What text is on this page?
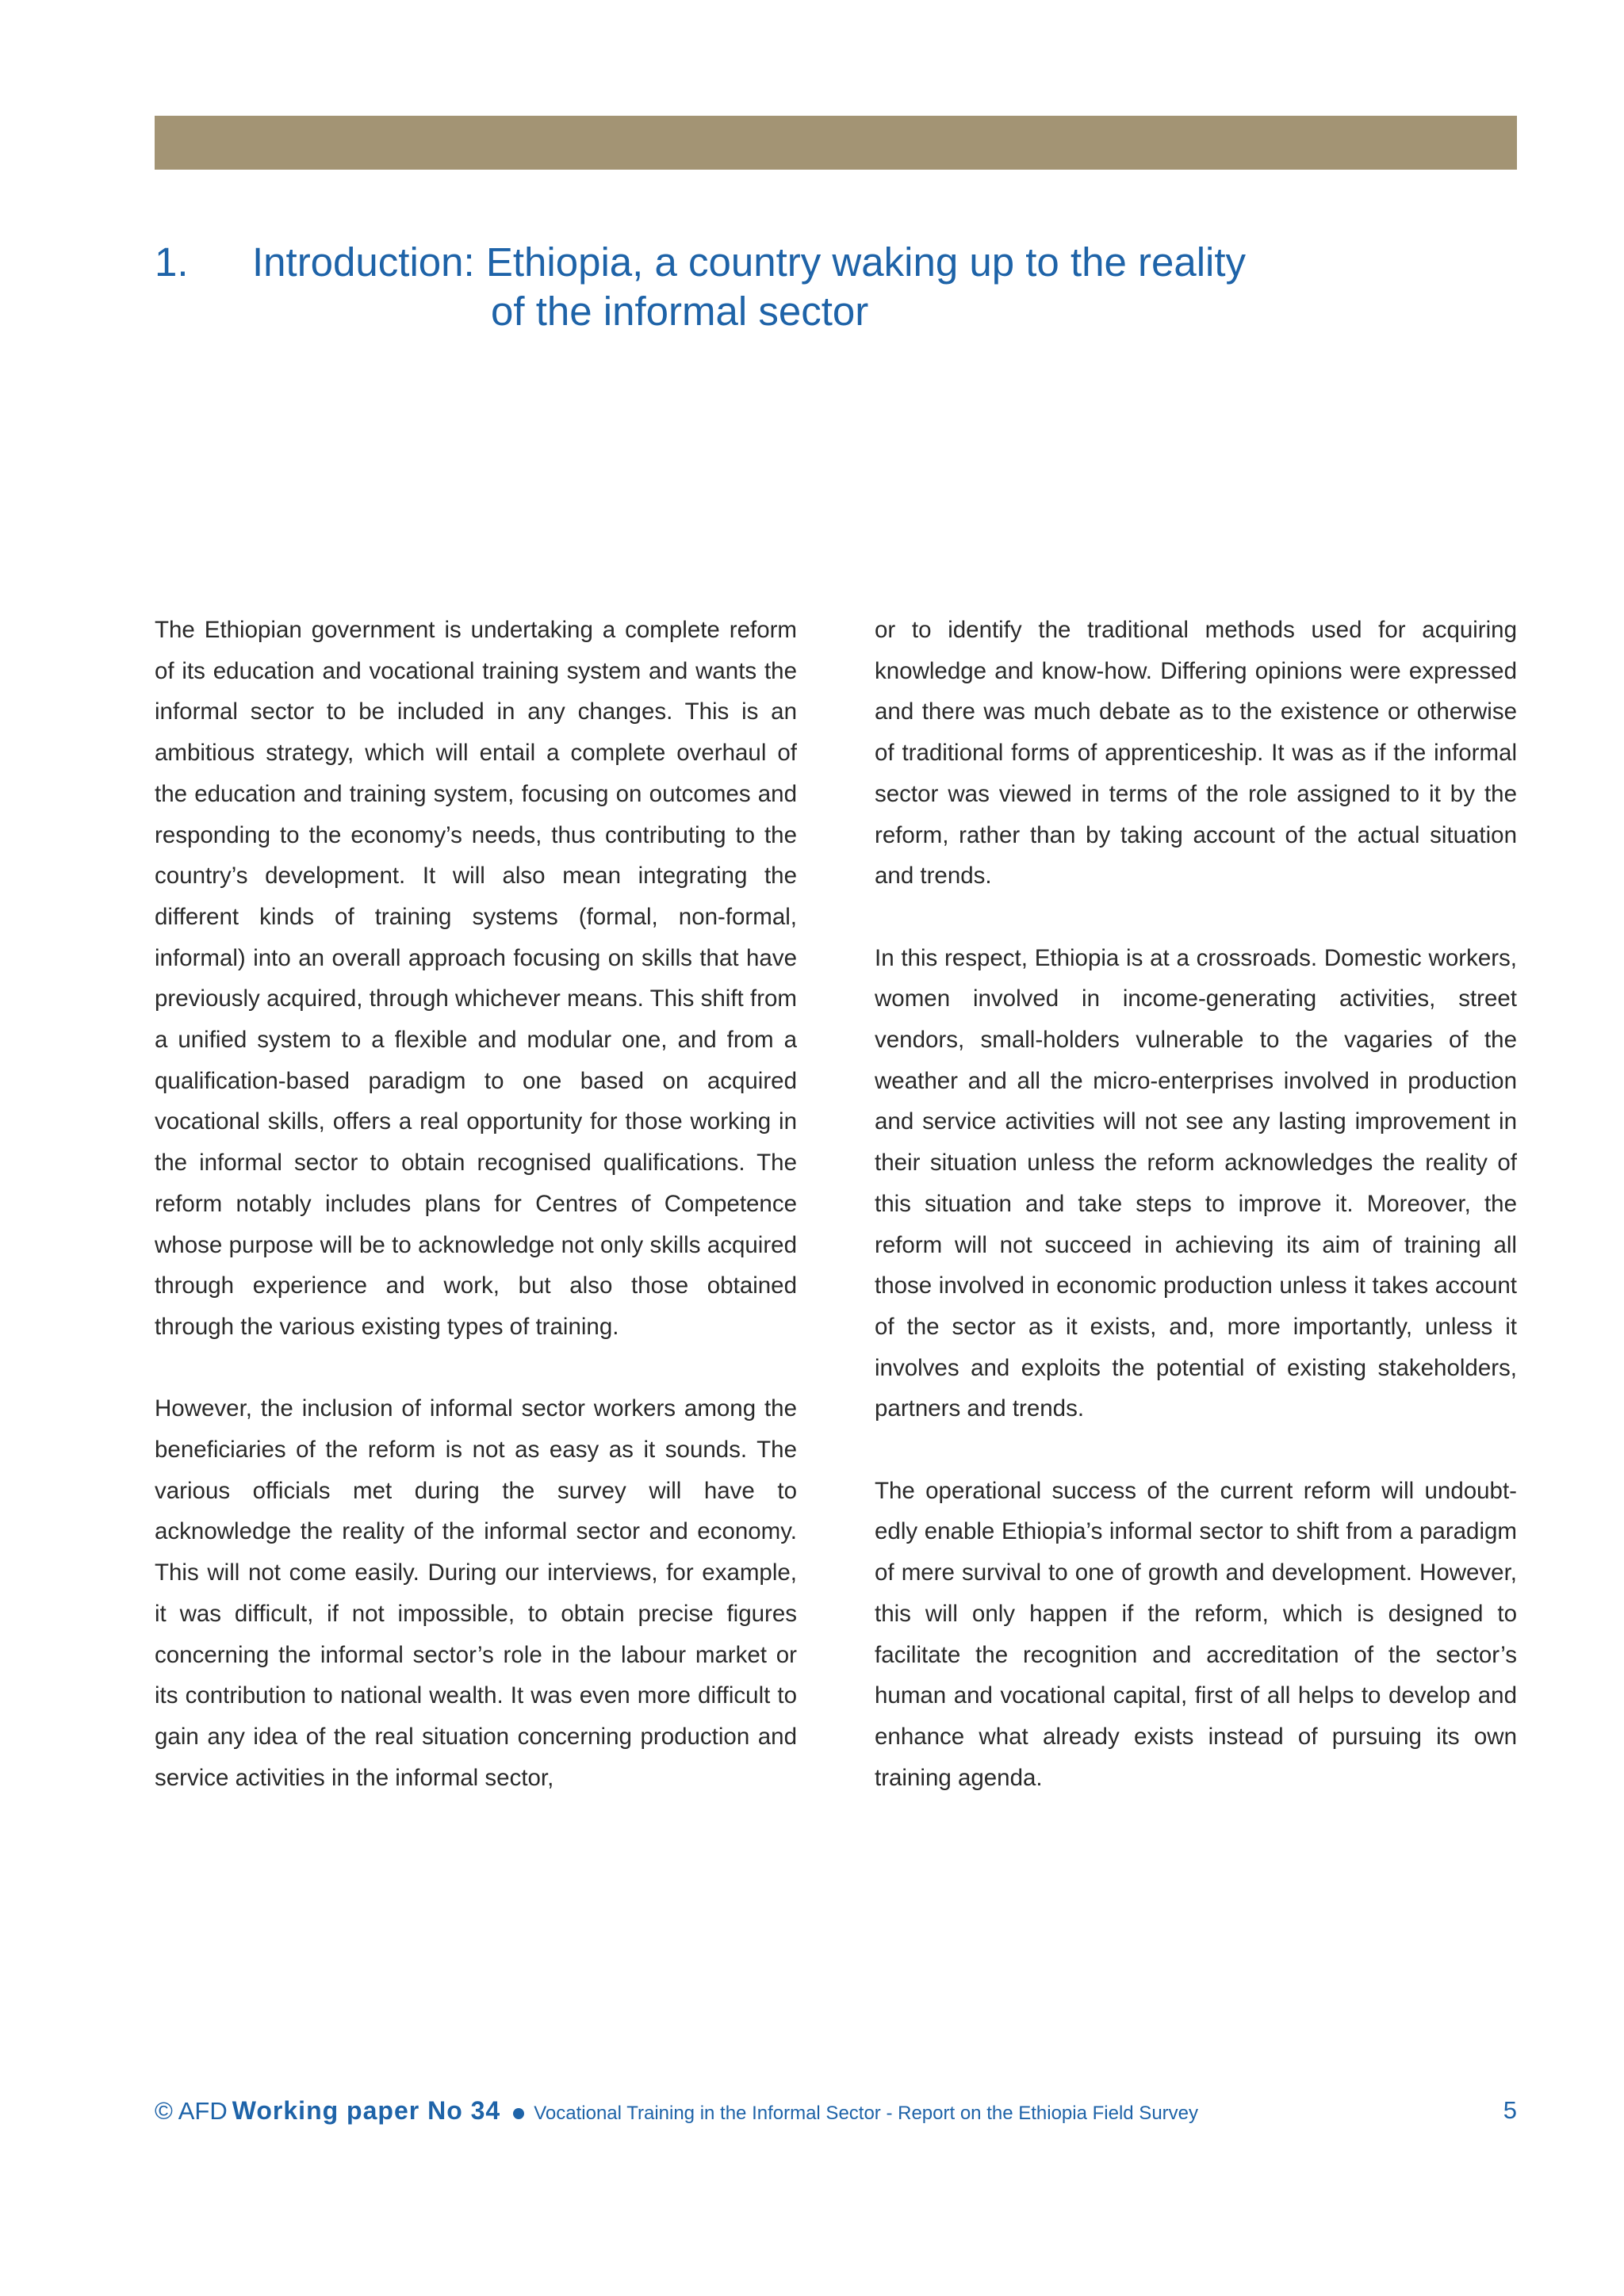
1. Introduction: Ethiopia, a country waking up to the reality
of the informal sector

The Ethiopian government is undertaking a complete reform of its education and vocational training system and wants the informal sector to be included in any changes. This is an ambitious strategy, which will entail a complete overhaul of the education and training system, focusing on outcomes and responding to the economy’s needs, thus contributing to the country’s development. It will also mean integrating the different kinds of training systems (formal, non-formal, informal) into an overall approach focusing on skills that have previously acquired, through whichever means. This shift from a unified system to a flexible and modular one, and from a qualification-based paradigm to one based on acquired vocational skills, offers a real opportunity for those working in the informal sector to obtain recognised qualifications. The reform notably includes plans for Centres of Competence whose purpose will be to acknowledge not only skills acquired through experience and work, but also those obtained through the various existing types of training.

However, the inclusion of informal sector workers among the beneficiaries of the reform is not as easy as it sounds. The various officials met during the survey will have to acknowledge the reality of the informal sector and economy. This will not come easily. During our interviews, for example, it was difficult, if not impossible, to obtain precise figures concerning the informal sector’s role in the labour market or its contribution to national wealth. It was even more difficult to gain any idea of the real situation concerning production and service activities in the informal sector,

or to identify the traditional methods used for acquiring knowledge and know-how. Differing opinions were expressed and there was much debate as to the existence or otherwise of traditional forms of apprenticeship. It was as if the informal sector was viewed in terms of the role assigned to it by the reform, rather than by taking account of the actual situation and trends.

In this respect, Ethiopia is at a crossroads. Domestic workers, women involved in income-generating activities, street vendors, small-holders vulnerable to the vagaries of the weather and all the micro-enterprises involved in production and service activities will not see any lasting improvement in their situation unless the reform acknowledges the reality of this situation and take steps to improve it. Moreover, the reform will not succeed in achieving its aim of training all those involved in economic production unless it takes account of the sector as it exists, and, more importantly, unless it involves and exploits the potential of existing stakeholders, partners and trends.

The operational success of the current reform will undoubtedly enable Ethiopia’s informal sector to shift from a paradigm of mere survival to one of growth and development. However, this will only happen if the reform, which is designed to facilitate the recognition and accreditation of the sector’s human and vocational capital, first of all helps to develop and enhance what already exists instead of pursuing its own training agenda.

© AFD Working paper No 34 Vocational Training in the Informal Sector - Report on the Ethiopia Field Survey	5
